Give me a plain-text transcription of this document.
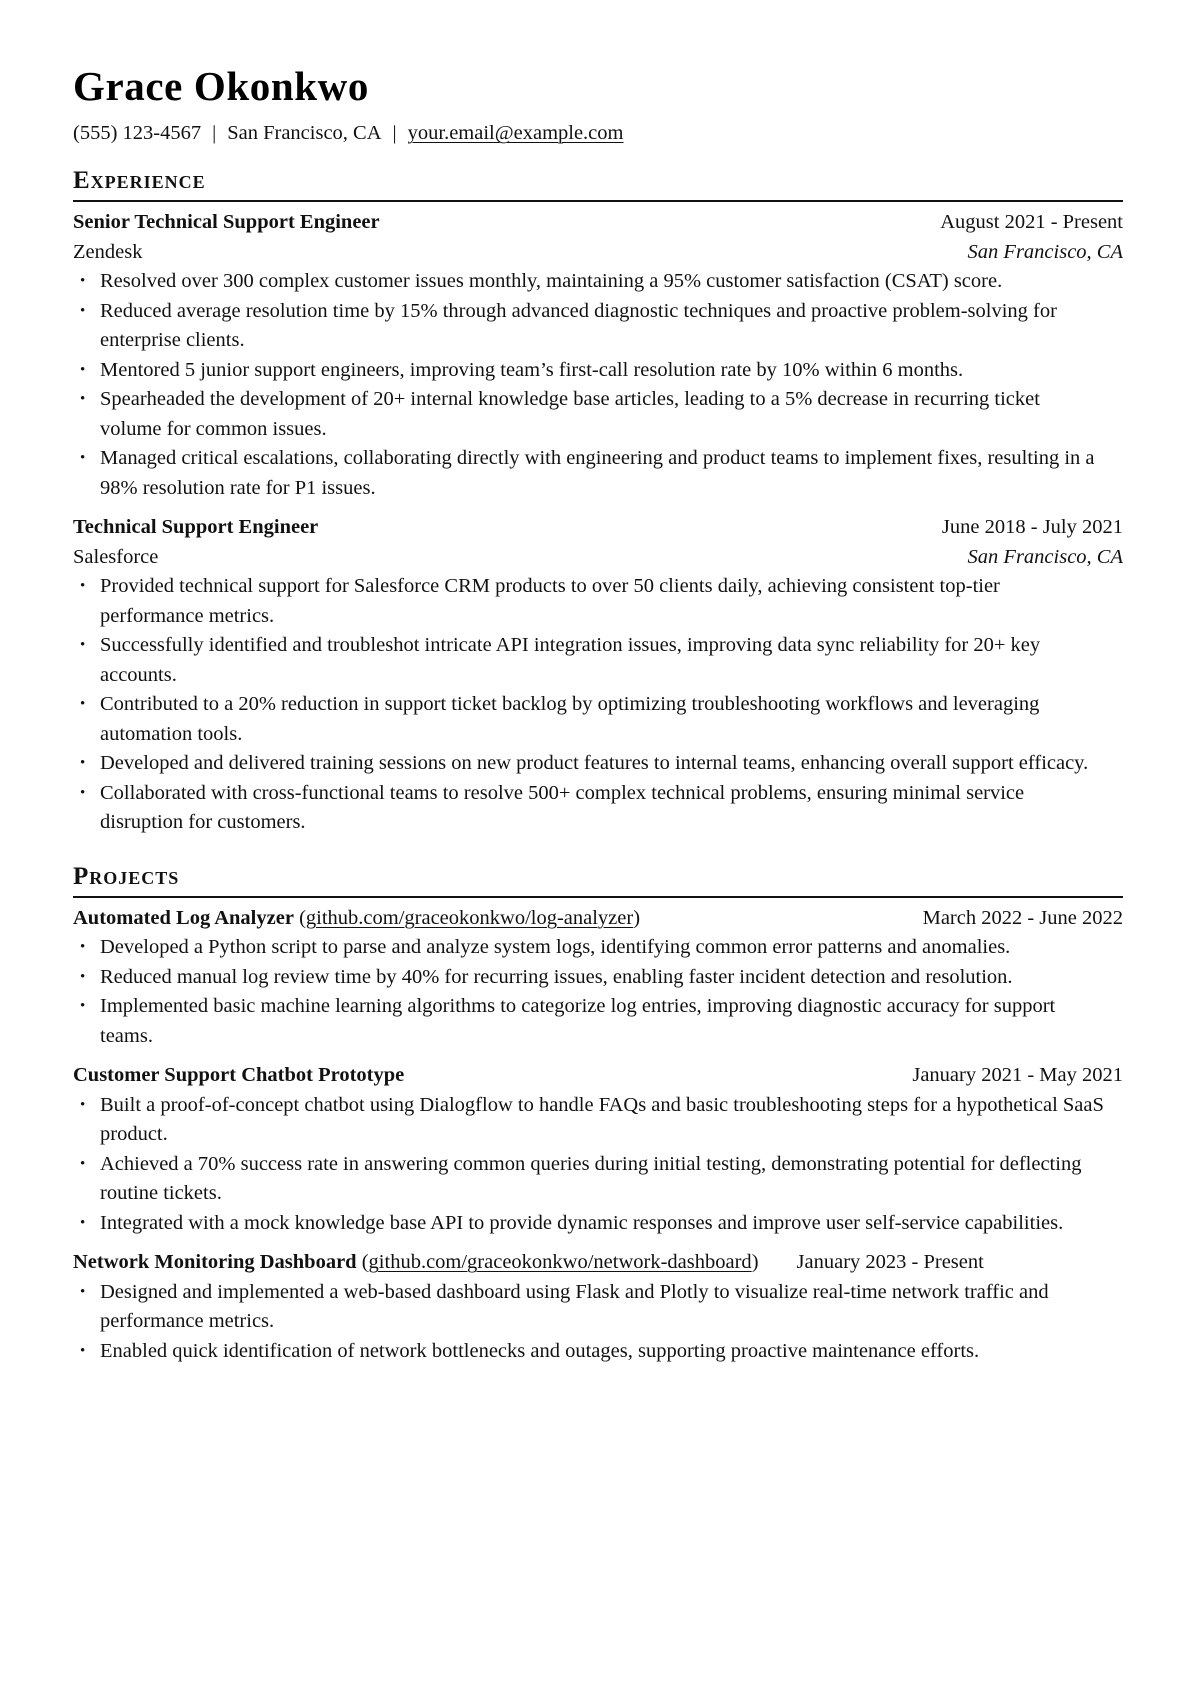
Grace Okonkwo
(555) 123-4567 | San Francisco, CA | your.email@example.com
Experience
Senior Technical Support Engineer	August 2021 - Present
Zendesk	San Francisco, CA
• Resolved over 300 complex customer issues monthly, maintaining a 95% customer satisfaction (CSAT) score.
• Reduced average resolution time by 15% through advanced diagnostic techniques and proactive problem-solving for enterprise clients.
• Mentored 5 junior support engineers, improving team’s first-call resolution rate by 10% within 6 months.
• Spearheaded the development of 20+ internal knowledge base articles, leading to a 5% decrease in recurring ticket volume for common issues.
• Managed critical escalations, collaborating directly with engineering and product teams to implement fixes, resulting in a 98% resolution rate for P1 issues.
Technical Support Engineer	June 2018 - July 2021
Salesforce	San Francisco, CA
• Provided technical support for Salesforce CRM products to over 50 clients daily, achieving consistent top-tier performance metrics.
• Successfully identified and troubleshot intricate API integration issues, improving data sync reliability for 20+ key accounts.
• Contributed to a 20% reduction in support ticket backlog by optimizing troubleshooting workflows and leveraging automation tools.
• Developed and delivered training sessions on new product features to internal teams, enhancing overall support efficacy.
• Collaborated with cross-functional teams to resolve 500+ complex technical problems, ensuring minimal service disruption for customers.
Projects
Automated Log Analyzer (github.com/graceokonkwo/log-analyzer)	March 2022 - June 2022
• Developed a Python script to parse and analyze system logs, identifying common error patterns and anomalies.
• Reduced manual log review time by 40% for recurring issues, enabling faster incident detection and resolution.
• Implemented basic machine learning algorithms to categorize log entries, improving diagnostic accuracy for support teams.
Customer Support Chatbot Prototype	January 2021 - May 2021
• Built a proof-of-concept chatbot using Dialogflow to handle FAQs and basic troubleshooting steps for a hypothetical SaaS product.
• Achieved a 70% success rate in answering common queries during initial testing, demonstrating potential for deflecting routine tickets.
• Integrated with a mock knowledge base API to provide dynamic responses and improve user self-service capabilities.
Network Monitoring Dashboard (github.com/graceokonkwo/network-dashboard) January 2023 - Present
• Designed and implemented a web-based dashboard using Flask and Plotly to visualize real-time network traffic and performance metrics.
• Enabled quick identification of network bottlenecks and outages, supporting proactive maintenance efforts.
